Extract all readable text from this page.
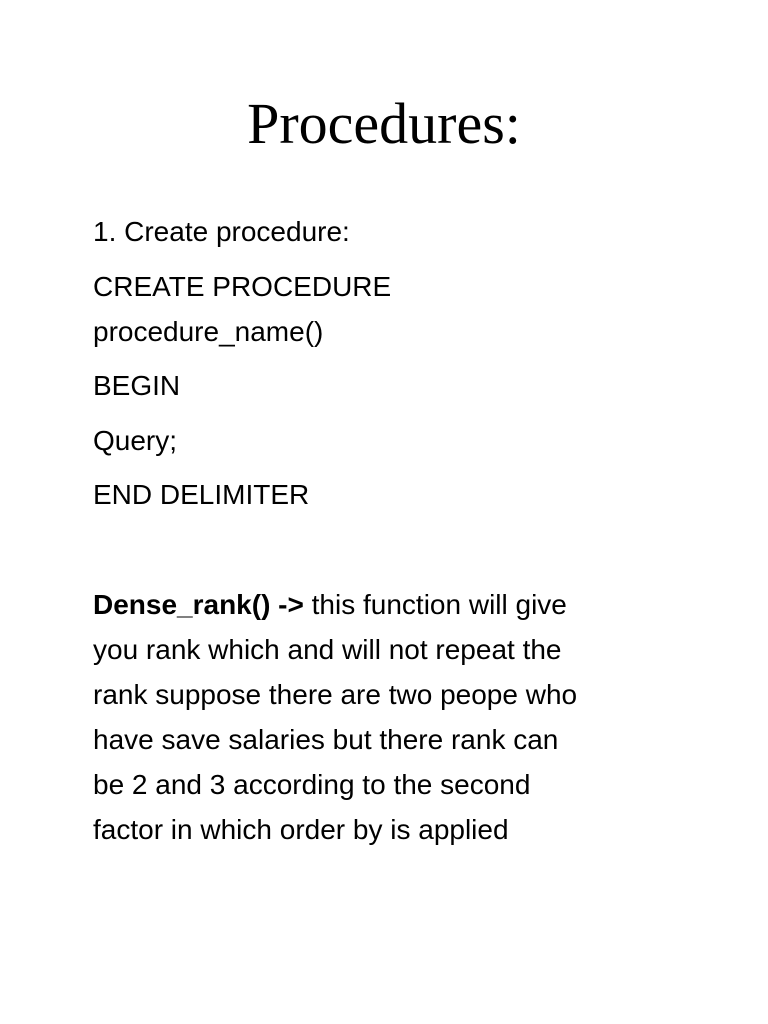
Procedures:

1. Create procedure:

CREATE PROCEDURE

procedure_name()

BEGIN

Query;

END DELIMITER

Dense_rank() -> this function will give
you rank which and will not repeat the
rank suppose there are two peope who
have save salaries but there rank can
be 2 and 3 according to the second
factor in which order by is applied
